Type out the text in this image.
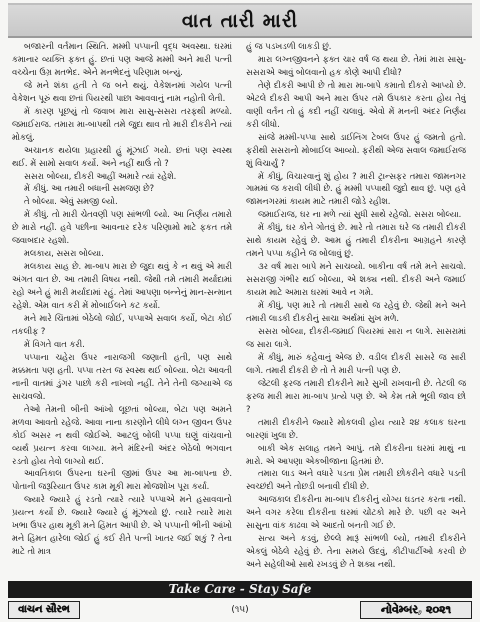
વાત તારી મારી

બજારની વર્તમાન સ્થિતિ. મમ્મી પપ્પાની વૃદ્ધ અવસ્થા. ઘરમાં કમાનાર વ્યક્તિ ફક્ત હું. છતાં પણ આજે મમ્મી અને મારી પત્ની વચ્ચેના ઉગ્ર મતભેદ. એને મનભેદનું પરિણામ બન્યું.

જે મને શંકા હતી તે જ બને થયું. વેકેશનમાં ગયેલ પત્ની વેકેશન પૂરું થવા છતાં પિયરથી પાછા આવવાનું નામ નહોતી લેતી.

મેં કારણ પૂછયું તો જવાબ મારા સાસુ-સસરા તરફથી મળ્યો. જમાઈરાજ. તમારા મા-બાપથી તમે જુદા થાવ તો મારી દીકરીને ત્યાં મોકલું.

અચાનક થયેલા પ્રહારથી હું મૂંઝાઈ ગયો. છતાં પણ સ્વસ્થ થઈ. મેં સામો સવાલ કર્યો. અને નહીં થાઉં તો ?

સસરા બોલ્યા, દીકરી આહીં અમારે ત્યાં રહેશે.

મેં કીધું. આ તમારી બધાની સમજણ છે?

તે બોલ્યા. એવું સમજી લ્યો.

મેં કીધું. તો મારી ચેતવણી પણ સાંભળી લ્યો. આ નિર્ણય તમારો છે મારો નહીં. હવે પછીના આવનાર દરેક પરિણામો માટે ફકત તમે જવાબદાર રહશો.

મલકાય, સસરા બોલ્યા.

મલકાય સાહ છે. મા-બાપ મારા છે જુદા થવું કે ન થવું એ મારી અંગત વાત છે. આ તમારી વિષય નથી. જેથી તમે તમારી મર્યાદામાં રહો અને હું મારી મર્યાદામાં રહું. તેમાં આપણા બન્નેનું માન-સન્માન રહેશે. એમ વાત કરી મેં મોબાઈલને કટ કર્યો.

મને મારે ચિંતામાં બેઠેલો જોઈ, પપ્પાએ સવાલ કર્યો, બેટા કોઈ તકલીફ ?

મેં વિગતે વાત કરી.

પપ્પાના ચહેરા ઉપર નારાજગી જણાતી હતી, પણ સાથે મક્કમતા પણ હતી. પપ્પા તરત જ સ્વસ્થ થઈ બોલ્યા. બેટા આવતી નાની વાતમાં ડુંગર પાછો કરી નાખવો નહીં. તેને તેની જગ્યાએ જ સાચવજો.

તેઓ તેમની બીની આંખો લૂછતાં બોલ્યા, બેટા પણ અમને મળવા આવતો રહેજે. આવા નાના કારણોને લીધે લગ્ન જીવન ઉપર કોઈ અસર ન થવી જોઈએ. આટલું બોલી પપ્પા ઘણું વાંચવાનો વ્યર્થ પ્રયત્ન કરવા લાગ્યા. મને મંદિરની અંદર બેઠેલો ભગવાન રડતો હોય તેવો લાગ્યો થઈ.

આવતિકાલ ઉપરના ઘરની જીમાં ઉપર આ મા-બાપના છે. પોતાની જરૂરિયાત ઉપર કામ મૂકી મારા મોજશોખ પૂરા કર્યા.

જ્યારે જ્યારે હું રડતો ત્યારે ત્યારે પપ્પાએ મને હસાવવાનો પ્રયત્ન કર્યો છે. જ્યારે જ્યારે હું મૂંઝાયો છું. ત્યારે ત્યારે મારા ખભા ઉપર હાથ મૂકી મને હિંમત આપી છે. એ પપ્પાની ભીની આંખો મને હિંમત હારેલા જોઈ હું કઈ રીતે પત્ની ખાતર જઈ શકું ? તેના માટે તો માત્ર

હું જ પડખડળી લાકડી છું.

મારા લગ્નજીવનને ફક્ત ચાર વર્ષ જ થયા છે. તેમાં મારા સાસુ-સસરાએ આવું બોલવાનો હક કોણે આપી દીધો?

તેણે દીકરી આપી છે તો મારા મા-બાપે કમાતો દીકરો આપ્યો છે. એટલે દીકરી આપી અને મારા ઉપર તમે ઉપકાર કરતા હોય તેવું વાણી વર્તન તો હું કદી નહીં ચલાવું. એવો મેં મનની અંદર નિર્ણય કરી લીધો.

સાંજે મમ્મી-પપ્પા સાથે ડાઈનિંગ ટેબલ ઉપર હું જમતો હતો. ફરીથી સસરાનો મોબાઈલ આવ્યો. ફરીથી એજ સવાલ જમાઈરાજ શું વિચાર્યું ?

મેં કીધું, વિચારવાનું શું હોય ? મારી ટ્રાન્સફર તમારા જામનગર ગામમાં જ કરાવી લીધી છે. હું મમ્મી પપ્પાથી જુદો થાવ છું. પણ હવે જામનગરમાં કાયમ માટે તમારી જોડે રહીશ.

જમાઈરાજ, ઘર ના મળે ત્યાં સુધી સાથે રહેજો. સસરા બોલ્યા.

મેં કીધું, ઘર કોને ગોતવું છે. મારે તો તમારા ઘરે જ તમારી દીકરી સાથે કાયમ રહેવું છે. આમ હું તમારી દીકરીના આગ્રહને કારણે તમને પપ્પા કહીને જ બોલાવું છું.

૩ર વર્ષ મારા બાપે મને સાચવ્યો. બાકીના વર્ષ તમે મને સાચવો. સસરાજી ગંભીર થઈ બોલ્યા, એ શક્ય નથી. દીકરી અને જમાઈ કાયમ માટે અમારા ઘરમાં આવે ન ગમે.

મેં કીધું, પણ મારે તો તમારી સાથે જ રહેવું છે. જેથી મને અને તમારી લાડકી દીકરીનું સાચા અર્થમાં સુખ મળે.

સસરા બોલ્યા, દીકરી-જમાઈ પિયરમાં સારા ન લાગે. સાસરામાં જ સારા લાગે.

મેં કીધું, મારું કહેવાનું એજ છે. વડીલ દીકરી સાસરે જ સારી લાગે. તમારી દીકરી છે તો તે મારી પત્ની પણ છે.

જેટલી ફરજ તમારી દીકરીને મારે સુખી રાખવાની છે. તેટલી જ ફરજ મારી મારા મા-બાપ પ્રત્યે પણ છે. એ કેમ તમે ભૂલી જાવ છો ?

તમારી દીકરીને જ્યારે મોકલવી હોય ત્યારે ૨૪ કલાક ઘરના બારણાં ખુલા છે.

બાકી એક સલાહ તમને આપું. તમે દીકરીના ઘરમાં માથું ના મારો. એ આપણા એકબીજાના હિતમાં છે.

તમારા લાડ અને વધારે પડતા પ્રેમ તમારી છોકરીને વધારે પડતી સ્વચ્છંદી અને તોછડી બનાવી દીધી છે.

આજકાલ દીકરીના મા-બાપ દીકરીનું યોગ્ય ઘડતર કરતા નથી. અને વગર કરેલા દીકરીના ઘરમાં ચોંટકો મારે છે. પછી વર અને સાસુના વાંક કાઢવા એ આદતો બનતી ગઈ છે.

સત્ય અને કડવું, છેલ્લે મારૂં સાંભળી લ્યો, તમારી દીકરીને એકલું બેઠેલે રહેવું છે. તેના સમયે ઉદવું, કીટીપાર્ટીઓ કરવી છે અને સહેલીઓ સાથે રખડવું છે તે શક્ય નથી.

Take Care - Stay Safe
વાચન સૌરભ	(૧૫)	નોવેમ્બર, ૨૦૨૧
